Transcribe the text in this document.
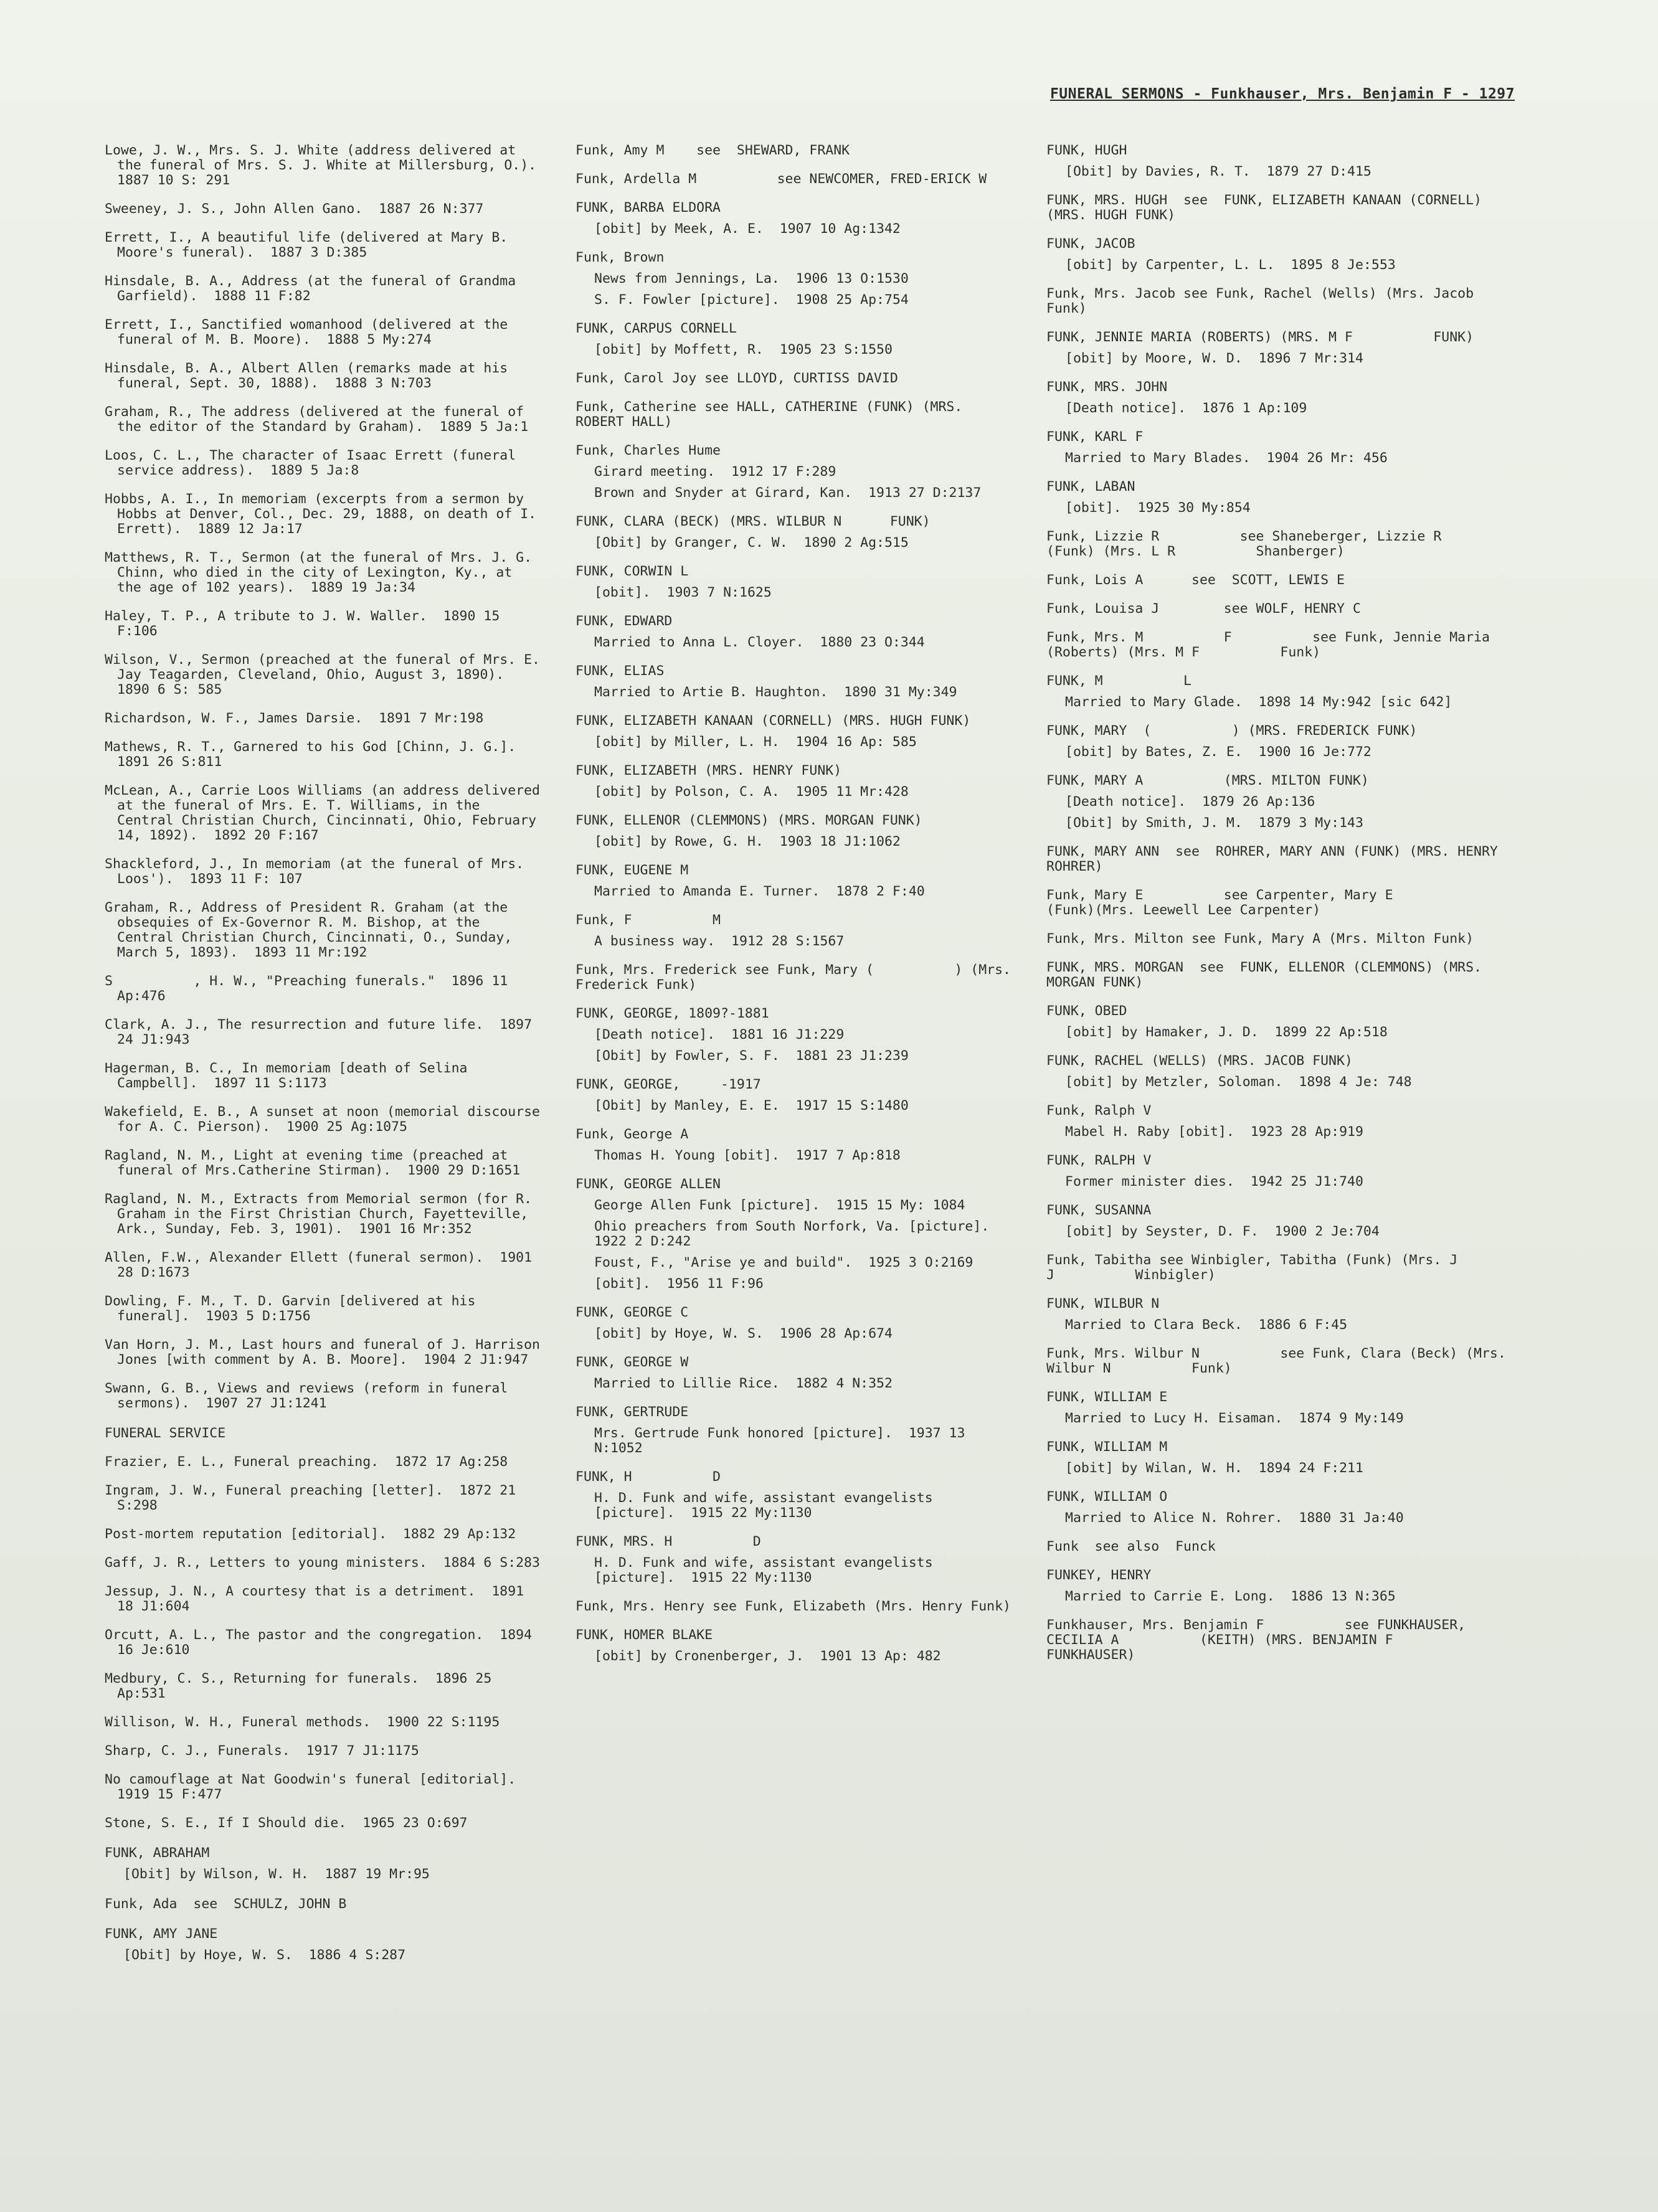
FUNERAL SERMONS - Funkhauser, Mrs. Benjamin F - 1297
Lowe, J. W., Mrs. S. J. White (address delivered at the funeral of Mrs. S. J. White at Millersburg, O.).  1887 10 S: 291
Sweeney, J. S., John Allen Gano.  1887 26 N:377
Errett, I., A beautiful life (delivered at Mary B. Moore's funeral).  1887 3 D:385
Hinsdale, B. A., Address (at the funeral of Grandma Garfield).  1888 11 F:82
Errett, I., Sanctified womanhood (delivered at the funeral of M. B. Moore).  1888 5 My:274
Hinsdale, B. A., Albert Allen (remarks made at his funeral, Sept. 30, 1888).  1888 3 N:703
Graham, R., The address (delivered at the funeral of the editor of the Standard by Graham).  1889 5 Ja:1
Loos, C. L., The character of Isaac Errett (funeral service address).  1889 5 Ja:8
Hobbs, A. I., In memoriam (excerpts from a sermon by Hobbs at Denver, Col., Dec. 29, 1888, on death of I. Errett).  1889 12 Ja:17
Matthews, R. T., Sermon (at the funeral of Mrs. J. G. Chinn, who died in the city of Lexington, Ky., at the age of 102 years).  1889 19 Ja:34
Haley, T. P., A tribute to J. W. Waller.  1890 15 F:106
Wilson, V., Sermon (preached at the funeral of Mrs. E. Jay Teagarden, Cleveland, Ohio, August 3, 1890).  1890 6 S: 585
Richardson, W. F., James Darsie.  1891 7 Mr:198
Mathews, R. T., Garnered to his God [Chinn, J. G.].  1891 26 S:811
McLean, A., Carrie Loos Williams (an address delivered at the funeral of Mrs. E. T. Williams, in the Central Christian Church, Cincinnati, Ohio, February 14, 1892).  1892 20 F:167
Shackleford, J., In memoriam (at the funeral of Mrs. Loos').  1893 11 F: 107
Graham, R., Address of President R. Graham (at the obsequies of Ex-Governor R. M. Bishop, at the Central Christian Church, Cincinnati, O., Sunday, March 5, 1893).  1893 11 Mr:192
S          , H. W., "Preaching funerals."  1896 11 Ap:476
Clark, A. J., The resurrection and future life.  1897 24 J1:943
Hagerman, B. C., In memoriam [death of Selina Campbell].  1897 11 S:1173
Wakefield, E. B., A sunset at noon (memorial discourse for A. C. Pierson).  1900 25 Ag:1075
Ragland, N. M., Light at evening time (preached at funeral of Mrs.Catherine Stirman).  1900 29 D:1651
Ragland, N. M., Extracts from Memorial sermon (for R. Graham in the First Christian Church, Fayetteville, Ark., Sunday, Feb. 3, 1901).  1901 16 Mr:352
Allen, F.W., Alexander Ellett (funeral sermon).  1901 28 D:1673
Dowling, F. M., T. D. Garvin [delivered at his funeral].  1903 5 D:1756
Van Horn, J. M., Last hours and funeral of J. Harrison Jones [with comment by A. B. Moore].  1904 2 J1:947
Swann, G. B., Views and reviews (reform in funeral sermons).  1907 27 J1:1241
FUNERAL SERVICE
Frazier, E. L., Funeral preaching.  1872 17 Ag:258
Ingram, J. W., Funeral preaching [letter].  1872 21 S:298
Post-mortem reputation [editorial].  1882 29 Ap:132
Gaff, J. R., Letters to young ministers.  1884 6 S:283
Jessup, J. N., A courtesy that is a detriment.  1891 18 J1:604
Orcutt, A. L., The pastor and the congregation.  1894 16 Je:610
Medbury, C. S., Returning for funerals.  1896 25 Ap:531
Willison, W. H., Funeral methods.  1900 22 S:1195
Sharp, C. J., Funerals.  1917 7 J1:1175
No camouflage at Nat Goodwin's funeral [editorial].  1919 15 F:477
Stone, S. E., If I Should die.  1965 23 O:697
FUNK, ABRAHAM
[Obit] by Wilson, W. H.  1887 19 Mr:95
Funk, Ada  see  SCHULZ, JOHN B
FUNK, AMY JANE
[Obit] by Hoye, W. S.  1886 4 S:287
Funk, Amy M    see  SHEWARD, FRANK
Funk, Ardella M          see NEWCOMER, FRED-ERICK W
FUNK, BARBA ELDORA
[obit] by Meek, A. E.  1907 10 Ag:1342
Funk, Brown
News from Jennings, La.  1906 13 O:1530
S. F. Fowler [picture].  1908 25 Ap:754
FUNK, CARPUS CORNELL
[obit] by Moffett, R.  1905 23 S:1550
Funk, Carol Joy see LLOYD, CURTISS DAVID
Funk, Catherine see HALL, CATHERINE (FUNK) (MRS. ROBERT HALL)
Funk, Charles Hume
Girard meeting.  1912 17 F:289
Brown and Snyder at Girard, Kan.  1913 27 D:2137
FUNK, CLARA (BECK) (MRS. WILBUR N      FUNK)
[Obit] by Granger, C. W.  1890 2 Ag:515
FUNK, CORWIN L
[obit].  1903 7 N:1625
FUNK, EDWARD
Married to Anna L. Cloyer.  1880 23 O:344
FUNK, ELIAS
Married to Artie B. Haughton.  1890 31 My:349
FUNK, ELIZABETH KANAAN (CORNELL) (MRS. HUGH FUNK)
[obit] by Miller, L. H.  1904 16 Ap: 585
FUNK, ELIZABETH (MRS. HENRY FUNK)
[obit] by Polson, C. A.  1905 11 Mr:428
FUNK, ELLENOR (CLEMMONS) (MRS. MORGAN FUNK)
[obit] by Rowe, G. H.  1903 18 J1:1062
FUNK, EUGENE M
Married to Amanda E. Turner.  1878 2 F:40
Funk, F          M
A business way.  1912 28 S:1567
Funk, Mrs. Frederick see Funk, Mary (          ) (Mrs. Frederick Funk)
FUNK, GEORGE, 1809?-1881
[Death notice].  1881 16 J1:229
[Obit] by Fowler, S. F.  1881 23 J1:239
FUNK, GEORGE,     -1917
[Obit] by Manley, E. E.  1917 15 S:1480
Funk, George A
Thomas H. Young [obit].  1917 7 Ap:818
FUNK, GEORGE ALLEN
George Allen Funk [picture].  1915 15 My: 1084
Ohio preachers from South Norfork, Va. [picture].  1922 2 D:242
Foust, F., "Arise ye and build".  1925 3 O:2169
[obit].  1956 11 F:96
FUNK, GEORGE C
[obit] by Hoye, W. S.  1906 28 Ap:674
FUNK, GEORGE W
Married to Lillie Rice.  1882 4 N:352
FUNK, GERTRUDE
Mrs. Gertrude Funk honored [picture].  1937 13 N:1052
FUNK, H          D
H. D. Funk and wife, assistant evangelists [picture].  1915 22 My:1130
FUNK, MRS. H          D
H. D. Funk and wife, assistant evangelists [picture].  1915 22 My:1130
Funk, Mrs. Henry see Funk, Elizabeth (Mrs. Henry Funk)
FUNK, HOMER BLAKE
[obit] by Cronenberger, J.  1901 13 Ap: 482
FUNK, HUGH
[Obit] by Davies, R. T.  1879 27 D:415
FUNK, MRS. HUGH  see  FUNK, ELIZABETH KANAAN (CORNELL) (MRS. HUGH FUNK)
FUNK, JACOB
[obit] by Carpenter, L. L.  1895 8 Je:553
Funk, Mrs. Jacob see Funk, Rachel (Wells) (Mrs. Jacob Funk)
FUNK, JENNIE MARIA (ROBERTS) (MRS. M F          FUNK)
[obit] by Moore, W. D.  1896 7 Mr:314
FUNK, MRS. JOHN
[Death notice].  1876 1 Ap:109
FUNK, KARL F
Married to Mary Blades.  1904 26 Mr: 456
FUNK, LABAN
[obit].  1925 30 My:854
Funk, Lizzie R          see Shaneberger, Lizzie R          (Funk) (Mrs. L R          Shanberger)
Funk, Lois A      see  SCOTT, LEWIS E
Funk, Louisa J        see WOLF, HENRY C
Funk, Mrs. M          F          see Funk, Jennie Maria (Roberts) (Mrs. M F          Funk)
FUNK, M          L
Married to Mary Glade.  1898 14 My:942 [sic 642]
FUNK, MARY  (          ) (MRS. FREDERICK FUNK)
[obit] by Bates, Z. E.  1900 16 Je:772
FUNK, MARY A          (MRS. MILTON FUNK)
[Death notice].  1879 26 Ap:136
[Obit] by Smith, J. M.  1879 3 My:143
FUNK, MARY ANN  see  ROHRER, MARY ANN (FUNK) (MRS. HENRY ROHRER)
Funk, Mary E          see Carpenter, Mary E          (Funk)(Mrs. Leewell Lee Carpenter)
Funk, Mrs. Milton see Funk, Mary A (Mrs. Milton Funk)
FUNK, MRS. MORGAN  see  FUNK, ELLENOR (CLEMMONS) (MRS. MORGAN FUNK)
FUNK, OBED
[obit] by Hamaker, J. D.  1899 22 Ap:518
FUNK, RACHEL (WELLS) (MRS. JACOB FUNK)
[obit] by Metzler, Soloman.  1898 4 Je: 748
Funk, Ralph V
Mabel H. Raby [obit].  1923 28 Ap:919
FUNK, RALPH V
Former minister dies.  1942 25 J1:740
FUNK, SUSANNA
[obit] by Seyster, D. F.  1900 2 Je:704
Funk, Tabitha see Winbigler, Tabitha (Funk) (Mrs. J          J          Winbigler)
FUNK, WILBUR N
Married to Clara Beck.  1886 6 F:45
Funk, Mrs. Wilbur N          see Funk, Clara (Beck) (Mrs. Wilbur N          Funk)
FUNK, WILLIAM E
Married to Lucy H. Eisaman.  1874 9 My:149
FUNK, WILLIAM M
[obit] by Wilan, W. H.  1894 24 F:211
FUNK, WILLIAM O
Married to Alice N. Rohrer.  1880 31 Ja:40
Funk  see also  Funck
FUNKEY, HENRY
Married to Carrie E. Long.  1886 13 N:365
Funkhauser, Mrs. Benjamin F          see FUNKHAUSER, CECILIA A          (KEITH) (MRS. BENJAMIN F          FUNKHAUSER)
